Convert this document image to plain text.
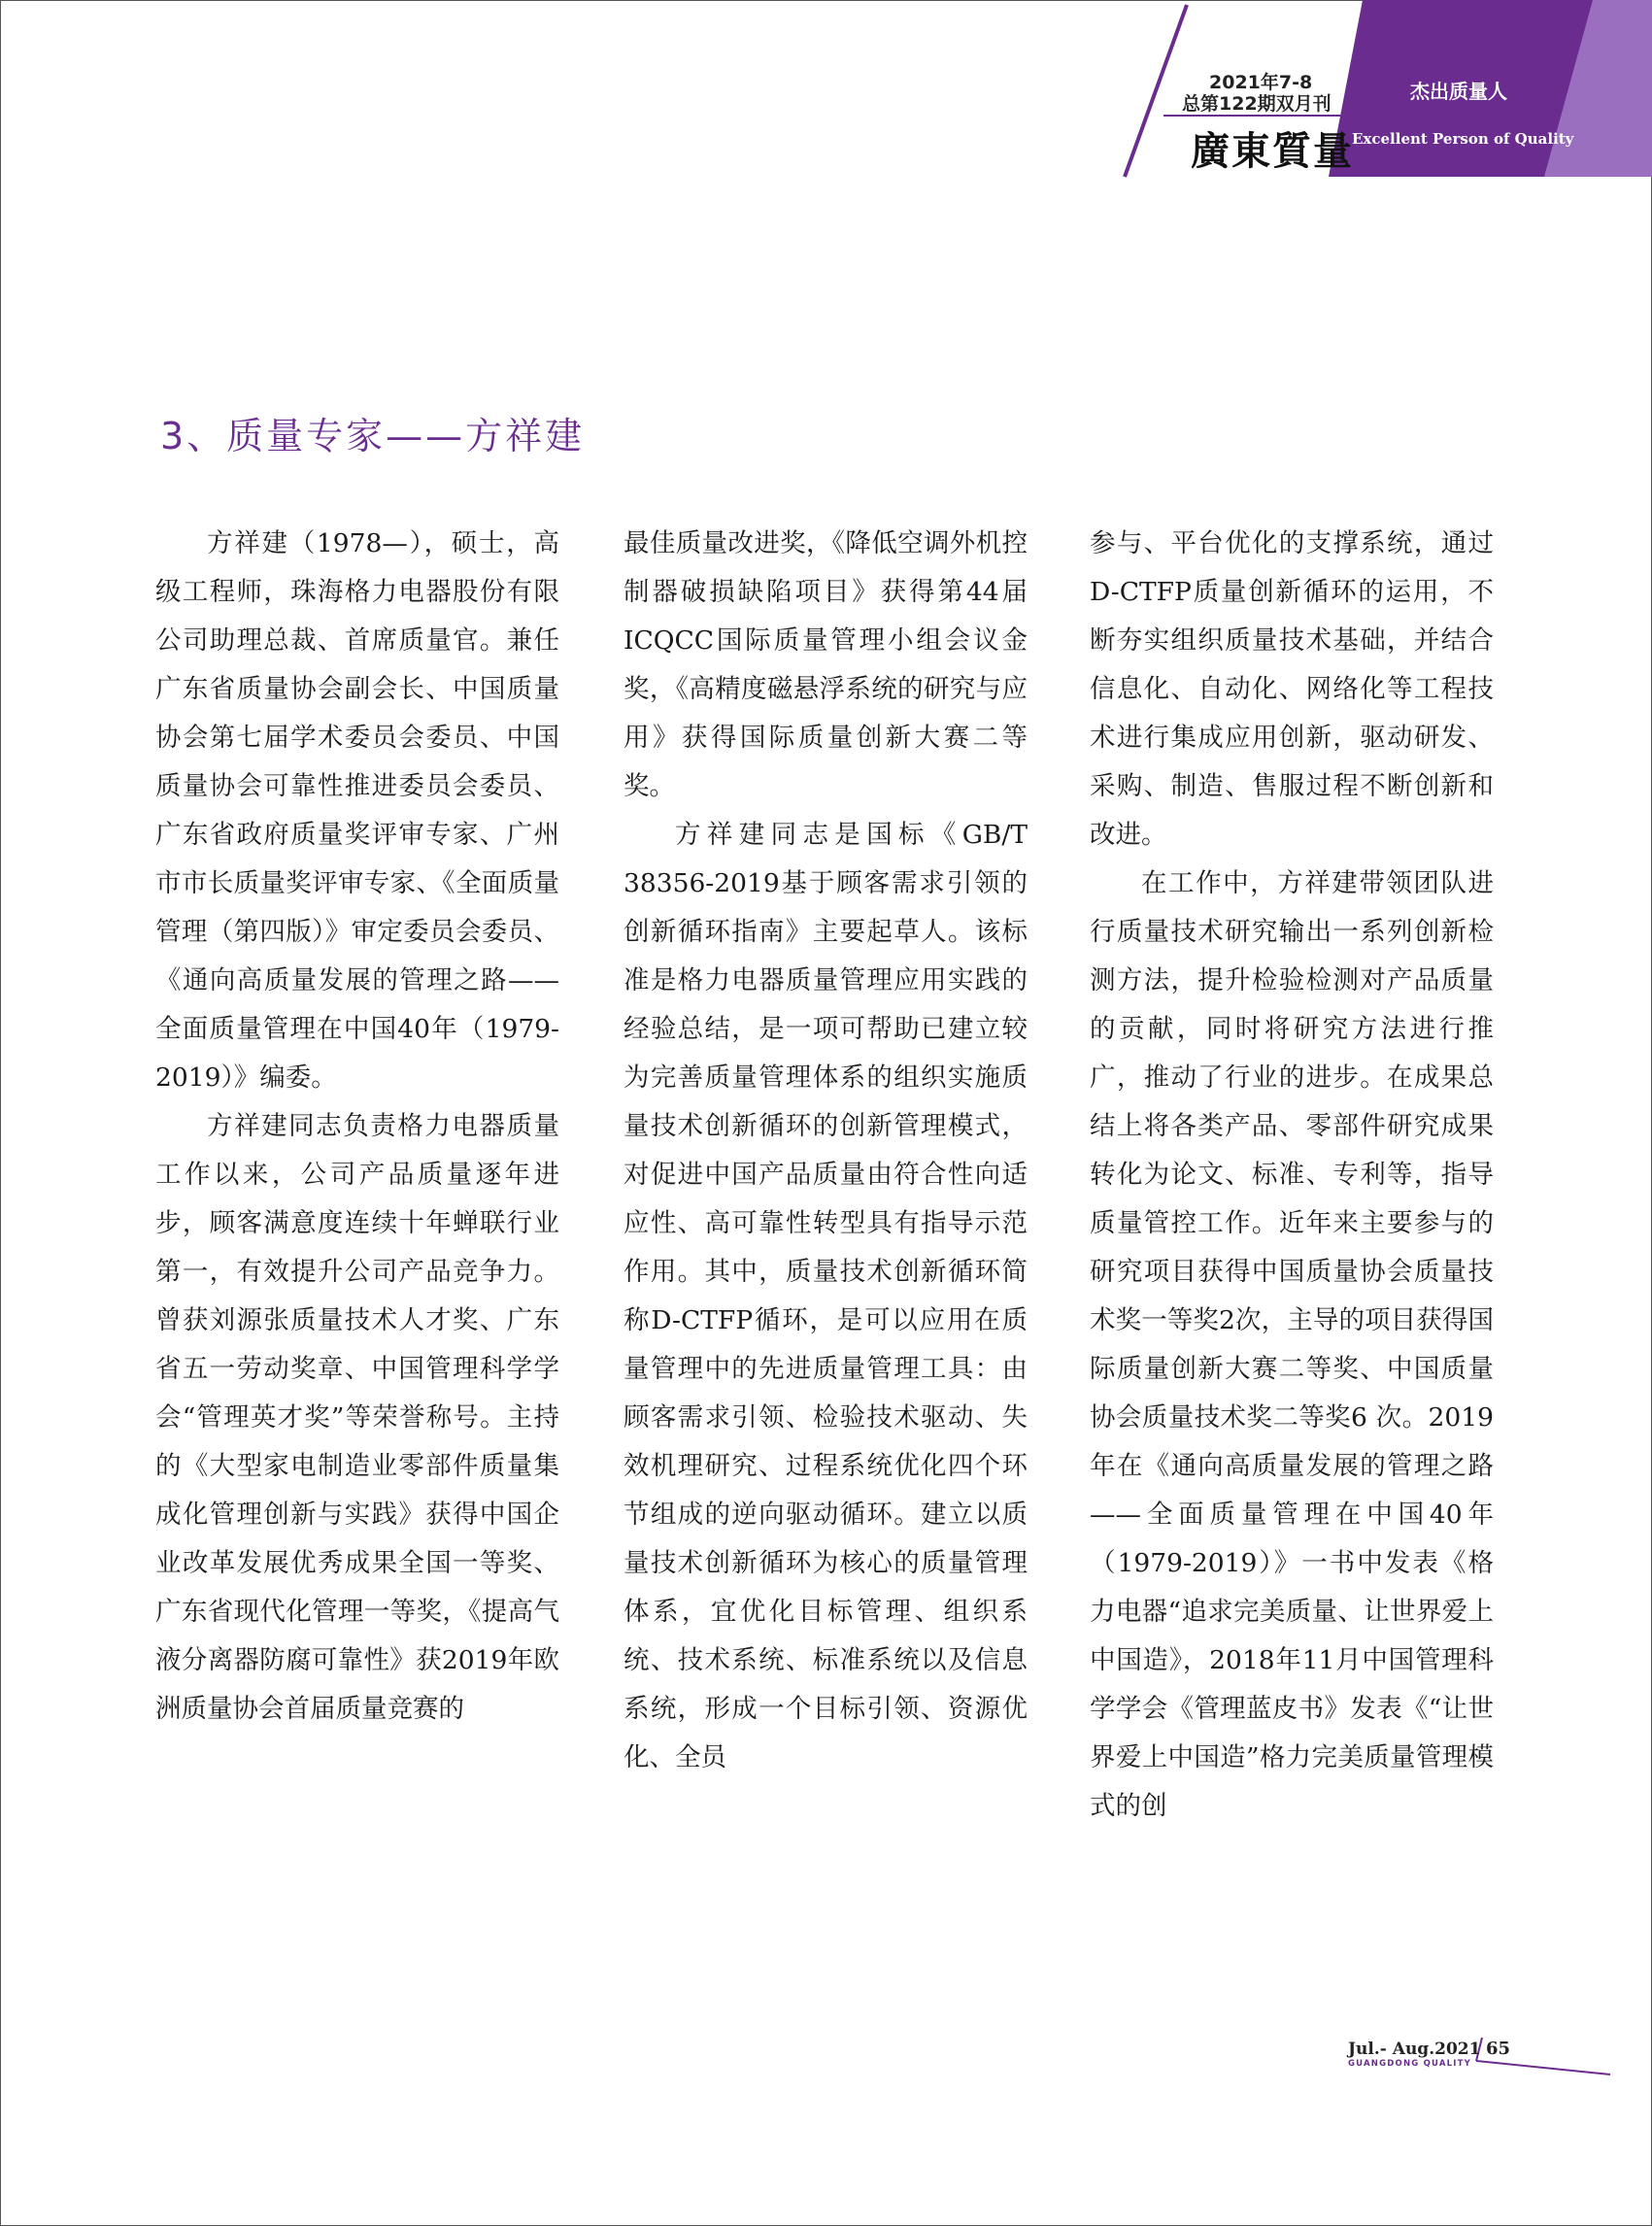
2021年7-8
总第122期双月刊
廣東質量
杰出质量人
Excellent Person of Quality
3、质量专家——方祥建

方祥建（1978—），硕士，高级工程师，珠海格力电器股份有限公司助理总裁、首席质量官。兼任广东省质量协会副会长、中国质量协会第七届学术委员会委员、中国质量协会可靠性推进委员会委员、广东省政府质量奖评审专家、广州市市长质量奖评审专家、《全面质量管理（第四版）》审定委员会委员、《通向高质量发展的管理之路——全面质量管理在中国40年（1979-2019）》编委。

方祥建同志负责格力电器质量工作以来，公司产品质量逐年进步，顾客满意度连续十年蝉联行业第一，有效提升公司产品竞争力。曾获刘源张质量技术人才奖、广东省五一劳动奖章、中国管理科学学会“管理英才奖”等荣誉称号。主持的《大型家电制造业零部件质量集成化管理创新与实践》获得中国企业改革发展优秀成果全国一等奖、广东省现代化管理一等奖，《提高气液分离器防腐可靠性》获2019年欧洲质量协会首届质量竞赛的

最佳质量改进奖，《降低空调外机控制器破损缺陷项目》获得第44届ICQCC国际质量管理小组会议金奖，《高精度磁悬浮系统的研究与应用》获得国际质量创新大赛二等奖。

方祥建同志是国标《GB/T 38356-2019基于顾客需求引领的创新循环指南》主要起草人。该标准是格力电器质量管理应用实践的经验总结，是一项可帮助已建立较为完善质量管理体系的组织实施质量技术创新循环的创新管理模式，对促进中国产品质量由符合性向适应性、高可靠性转型具有指导示范作用。其中，质量技术创新循环简称D-CTFP循环，是可以应用在质量管理中的先进质量管理工具：由顾客需求引领、检验技术驱动、失效机理研究、过程系统优化四个环节组成的逆向驱动循环。建立以质量技术创新循环为核心的质量管理体系，宜优化目标管理、组织系统、技术系统、标准系统以及信息系统，形成一个目标引领、资源优化、全员

参与、平台优化的支撑系统，通过D-CTFP质量创新循环的运用，不断夯实组织质量技术基础，并结合信息化、自动化、网络化等工程技术进行集成应用创新，驱动研发、采购、制造、售服过程不断创新和改进。

在工作中，方祥建带领团队进行质量技术研究输出一系列创新检测方法，提升检验检测对产品质量的贡献，同时将研究方法进行推广，推动了行业的进步。在成果总结上将各类产品、零部件研究成果转化为论文、标准、专利等，指导质量管控工作。近年来主要参与的研究项目获得中国质量协会质量技术奖一等奖2次，主导的项目获得国际质量创新大赛二等奖、中国质量协会质量技术奖二等奖6 次。2019年在《通向高质量发展的管理之路——全面质量管理在中国40年（1979-2019）》一书中发表《格力电器“追求完美质量、让世界爱上中国造》，2018年11月中国管理科学学会《管理蓝皮书》发表《“让世界爱上中国造”格力完美质量管理模式的创

Jul.- Aug.2021
GUANGDONG QUALITY
65
